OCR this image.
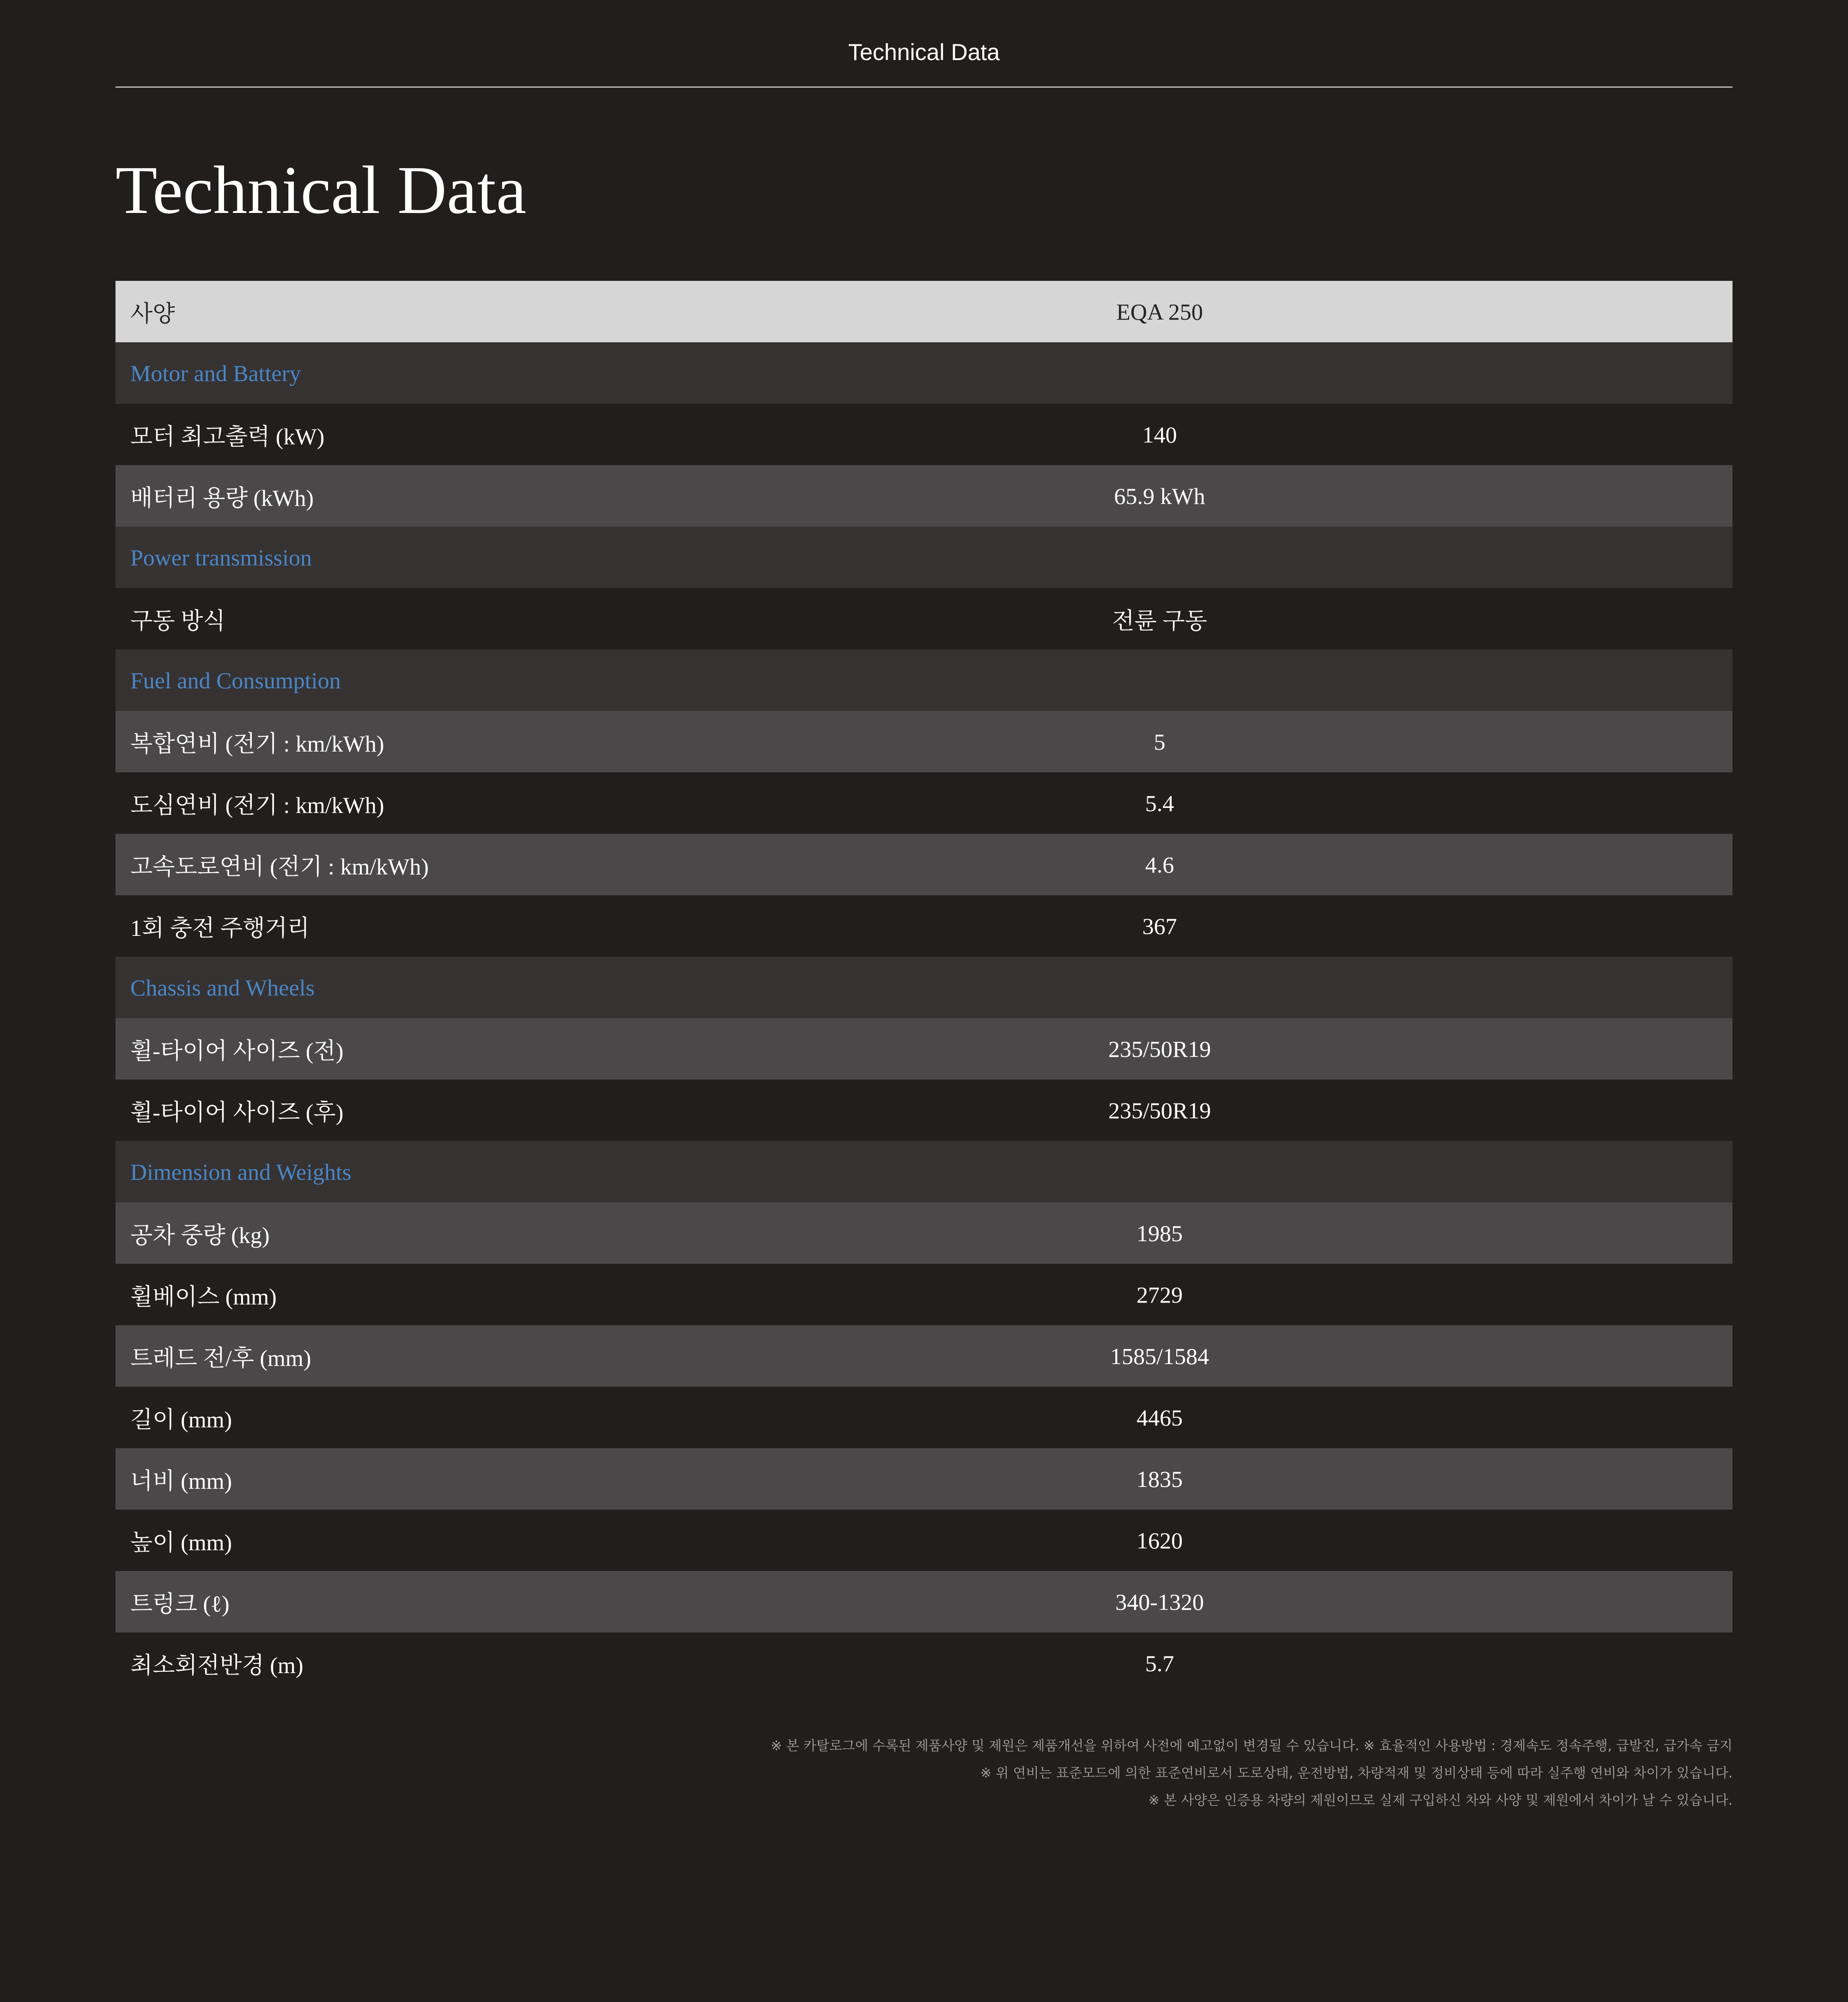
Technical Data
Technical Data
사양	EQA 250
Motor and Battery	
모터 최고출력 (kW)	140
배터리 용량 (kWh)	65.9 kWh
Power transmission	
구동 방식	전륜 구동
Fuel and Consumption	
복합연비 (전기 : km/kWh)	5
도심연비 (전기 : km/kWh)	5.4
고속도로연비 (전기 : km/kWh)	4.6
1회 충전 주행거리	367
Chassis and Wheels	
휠-타이어 사이즈 (전)	235/50R19
휠-타이어 사이즈 (후)	235/50R19
Dimension and Weights	
공차 중량 (kg)	1985
휠베이스 (mm)	2729
트레드 전/후 (mm)	1585/1584
길이 (mm)	4465
너비 (mm)	1835
높이 (mm)	1620
트렁크 (ℓ)	340-1320
최소회전반경 (m)	5.7
※ 본 카탈로그에 수록된 제품사양 및 제원은 제품개선을 위하여 사전에 예고없이 변경될 수 있습니다. ※ 효율적인 사용방법 : 경제속도 정속주행, 급발진, 급가속 금지
※ 위 연비는 표준모드에 의한 표준연비로서 도로상태, 운전방법, 차량적재 및 정비상태 등에 따라 실주행 연비와 차이가 있습니다.
※ 본 사양은 인증용 차량의 제원이므로 실제 구입하신 차와 사양 및 제원에서 차이가 날 수 있습니다.
